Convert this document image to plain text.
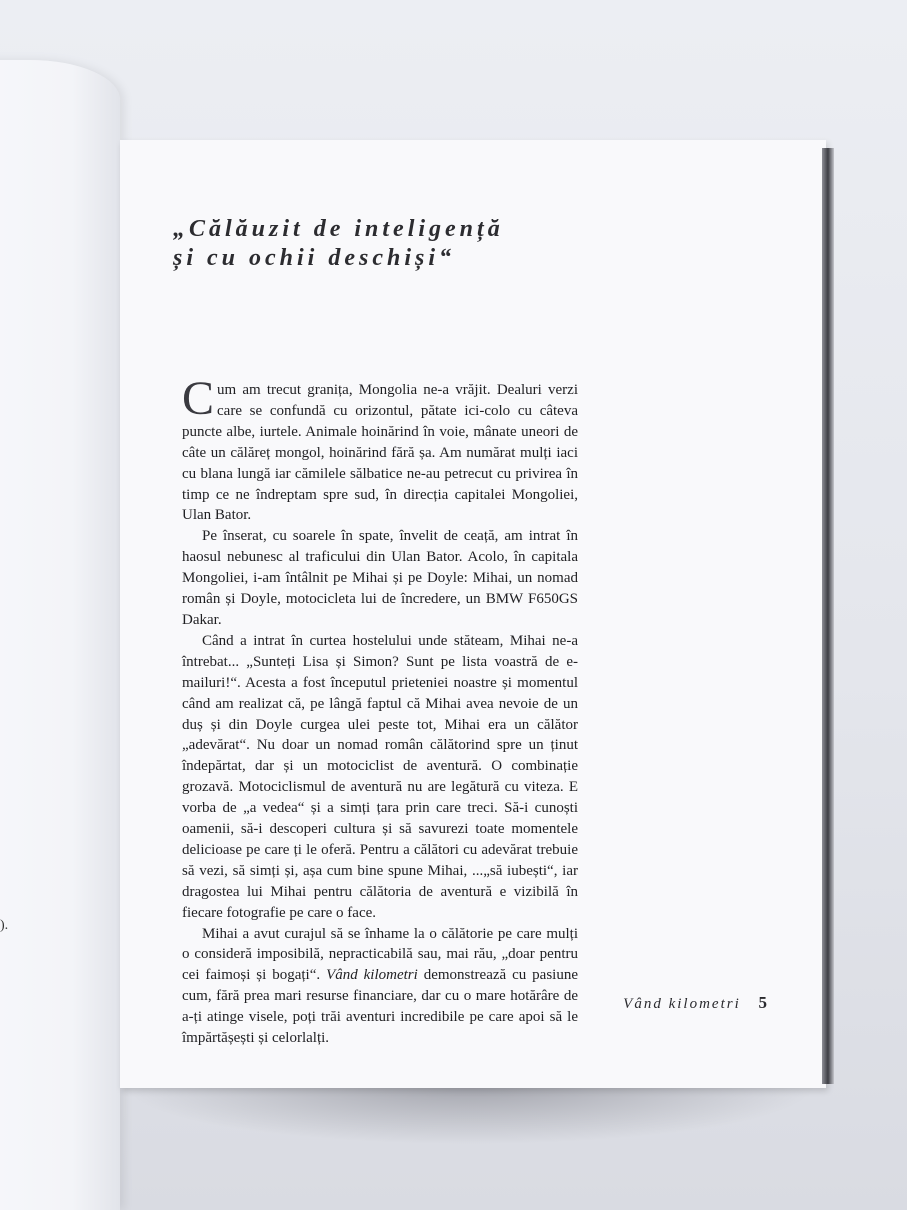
).
„Călăuzit de inteligență
și cu ochii deschiși“

Cum am trecut granița, Mongolia ne-a vrăjit. Dealuri verzi care se confundă cu orizontul, pătate ici-colo cu câteva puncte albe, iurtele. Animale hoinărind în voie, mânate uneori de câte un călăreț mongol, hoinărind fără șa. Am numărat mulți iaci cu blana lungă iar cămilele sălbatice ne-au petrecut cu privirea în timp ce ne îndreptam spre sud, în direcția capitalei Mongoliei, Ulan Bator.

Pe înserat, cu soarele în spate, învelit de ceață, am intrat în haosul nebunesc al traficului din Ulan Bator. Acolo, în capitala Mongoliei, i-am întâlnit pe Mihai și pe Doyle: Mihai, un nomad român și Doyle, motocicleta lui de încredere, un BMW F650GS Dakar.

Când a intrat în curtea hostelului unde stăteam, Mihai ne-a întrebat... „Sunteți Lisa și Simon? Sunt pe lista voastră de e-mailuri!“. Acesta a fost începutul prieteniei noastre și momentul când am realizat că, pe lângă faptul că Mihai avea nevoie de un duș și din Doyle curgea ulei peste tot, Mihai era un călător „adevărat“. Nu doar un nomad român călătorind spre un ținut îndepărtat, dar și un motociclist de aventură. O combinație grozavă. Motociclismul de aventură nu are legătură cu viteza. E vorba de „a vedea“ și a simți țara prin care treci. Să-i cunoști oamenii, să-i descoperi cultura și să savurezi toate momentele delicioase pe care ți le oferă. Pentru a călători cu adevărat trebuie să vezi, să simți și, așa cum bine spune Mihai, ...„să iubești“, iar dragostea lui Mihai pentru călătoria de aventură e vizibilă în fiecare fotografie pe care o face.

Mihai a avut curajul să se înhame la o călătorie pe care mulți o consideră imposibilă, nepracticabilă sau, mai rău, „doar pentru cei faimoși și bogați“. Vând kilometri demonstrează cu pasiune cum, fără prea mari resurse financiare, dar cu o mare hotărâre de a-ți atinge visele, poți trăi aventuri incredibile pe care apoi să le împărtășești și celorlalți.

Vând kilometri 5
